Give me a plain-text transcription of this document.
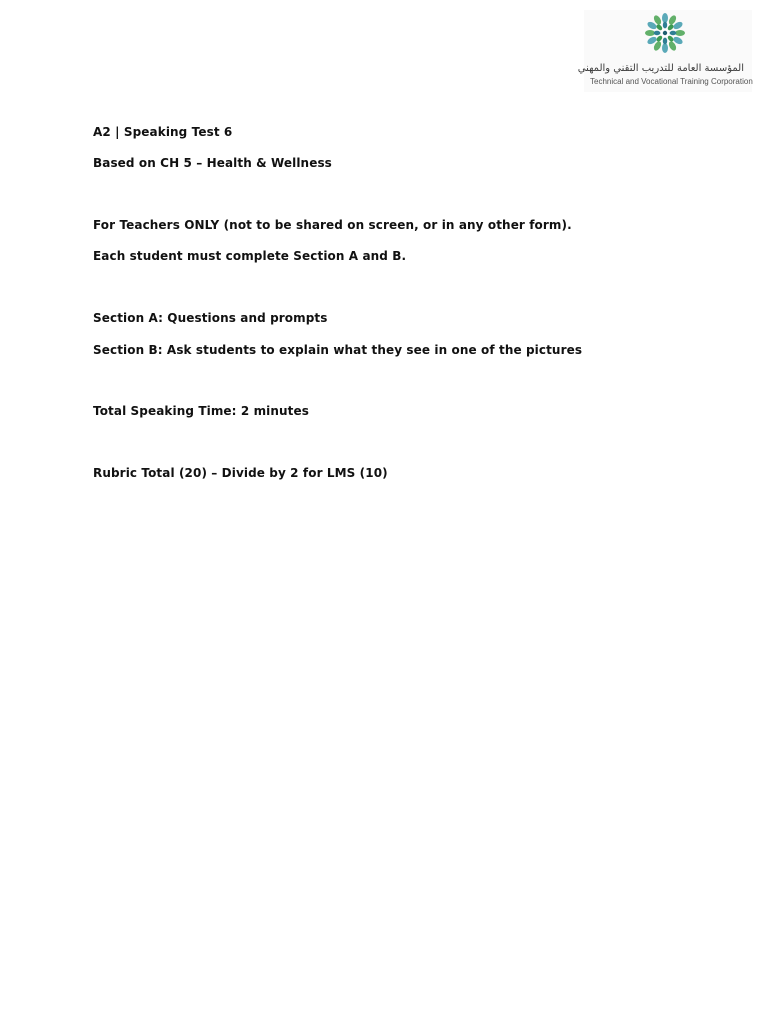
المؤسسة العامة للتدريب التقني والمهني
Technical and Vocational Training Corporation
A2 | Speaking Test 6
Based on CH 5 – Health & Wellness
For Teachers ONLY (not to be shared on screen, or in any other form).
Each student must complete Section A and B.
Section A: Questions and prompts
Section B: Ask students to explain what they see in one of the pictures
Total Speaking Time: 2 minutes
Rubric Total (20) – Divide by 2 for LMS (10)
